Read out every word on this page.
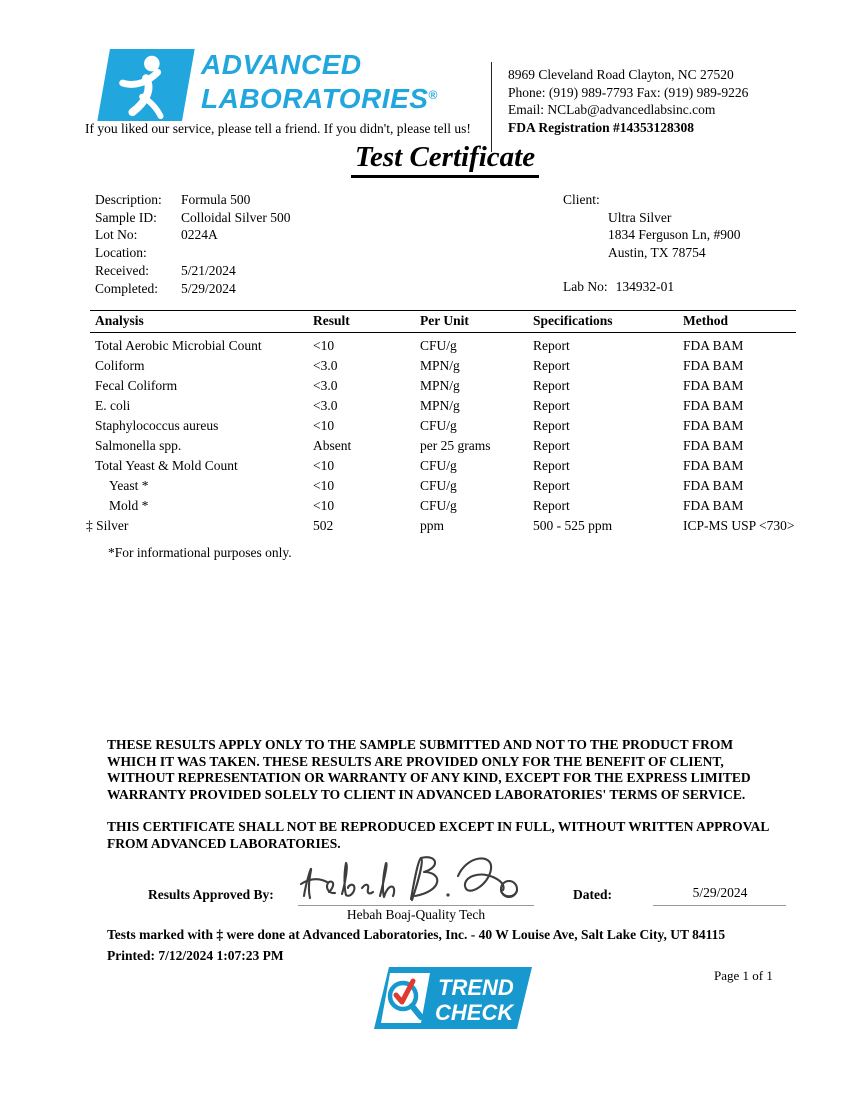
ADVANCED
LABORATORIES®
If you liked our service, please tell a friend. If you didn't, please tell us!
8969 Cleveland Road Clayton, NC 27520
Phone: (919) 989-7793 Fax: (919) 989-9226
Email: NCLab@advancedlabsinc.com
FDA Registration #14353128308
Test Certificate
Description:	Formula 500
Sample ID:	Colloidal Silver 500
Lot No:	0224A
Location:
Received:	5/21/2024
Completed:	5/29/2024
Client:
Ultra Silver
1834 Ferguson Ln, #900
Austin, TX 78754
Lab No: 134932-01
Analysis	Result	Per Unit	Specifications	Method
Total Aerobic Microbial Count	<10	CFU/g	Report	FDA BAM
Coliform	<3.0	MPN/g	Report	FDA BAM
Fecal Coliform	<3.0	MPN/g	Report	FDA BAM
E. coli	<3.0	MPN/g	Report	FDA BAM
Staphylococcus aureus	<10	CFU/g	Report	FDA BAM
Salmonella spp.	Absent	per 25 grams	Report	FDA BAM
Total Yeast & Mold Count	<10	CFU/g	Report	FDA BAM
Yeast *	<10	CFU/g	Report	FDA BAM
Mold *	<10	CFU/g	Report	FDA BAM
‡ Silver	502	ppm	500 - 525 ppm	ICP-MS USP <730>
*For informational purposes only.
THESE RESULTS APPLY ONLY TO THE SAMPLE SUBMITTED AND NOT TO THE PRODUCT FROM WHICH IT WAS TAKEN. THESE RESULTS ARE PROVIDED ONLY FOR THE BENEFIT OF CLIENT, WITHOUT REPRESENTATION OR WARRANTY OF ANY KIND, EXCEPT FOR THE EXPRESS LIMITED WARRANTY PROVIDED SOLELY TO CLIENT IN ADVANCED LABORATORIES' TERMS OF SERVICE.
THIS CERTIFICATE SHALL NOT BE REPRODUCED EXCEPT IN FULL, WITHOUT WRITTEN APPROVAL FROM ADVANCED LABORATORIES.
Results Approved By:
Hebah Boaj-Quality Tech
Dated:	5/29/2024
Tests marked with ‡ were done at Advanced Laboratories, Inc. - 40 W Louise Ave, Salt Lake City, UT 84115
Printed: 7/12/2024 1:07:23 PM
TREND
CHECK
Page 1 of 1
